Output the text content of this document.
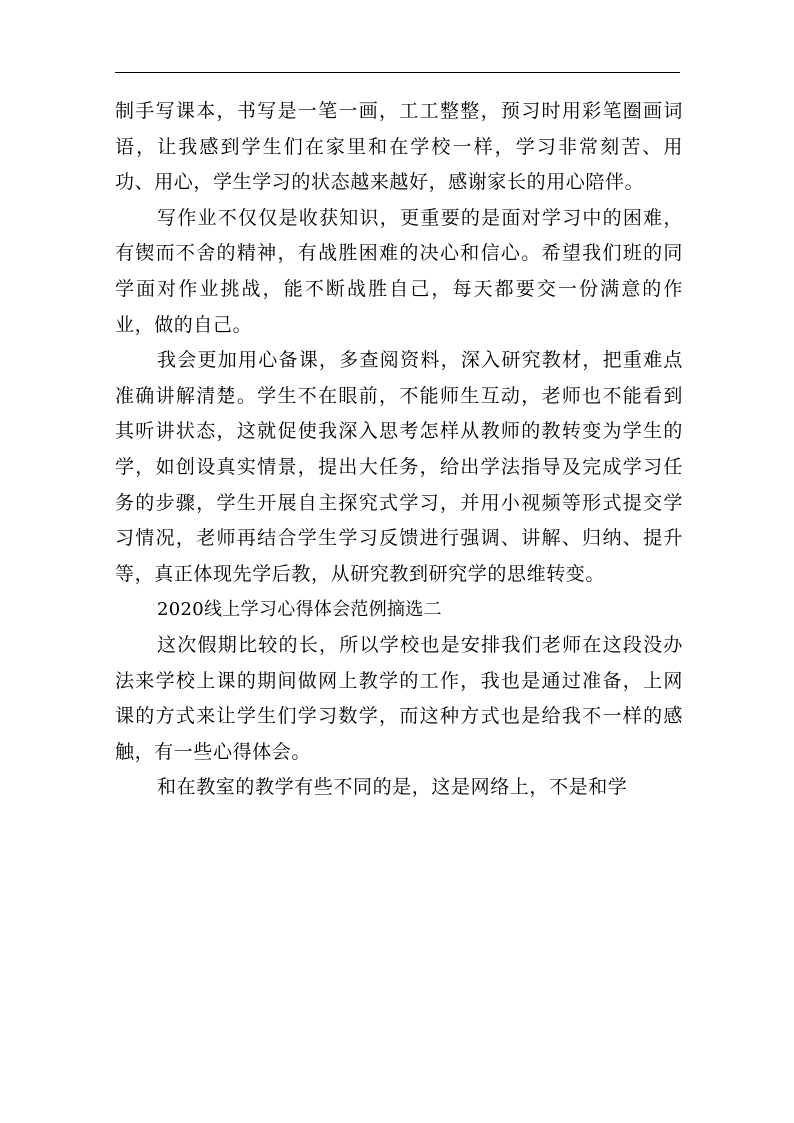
制手写课本，书写是一笔一画，工工整整，预习时用彩笔圈画词语，让我感到学生们在家里和在学校一样，学习非常刻苦、用功、用心，学生学习的状态越来越好，感谢家长的用心陪伴。

写作业不仅仅是收获知识，更重要的是面对学习中的困难，有锲而不舍的精神，有战胜困难的决心和信心。希望我们班的同学面对作业挑战，能不断战胜自己，每天都要交一份满意的作业，做的自己。

我会更加用心备课，多查阅资料，深入研究教材，把重难点准确讲解清楚。学生不在眼前，不能师生互动，老师也不能看到其听讲状态，这就促使我深入思考怎样从教师的教转变为学生的学，如创设真实情景，提出大任务，给出学法指导及完成学习任务的步骤，学生开展自主探究式学习，并用小视频等形式提交学习情况，老师再结合学生学习反馈进行强调、讲解、归纳、提升等，真正体现先学后教，从研究教到研究学的思维转变。

2020线上学习心得体会范例摘选二

这次假期比较的长，所以学校也是安排我们老师在这段没办法来学校上课的期间做网上教学的工作，我也是通过准备，上网课的方式来让学生们学习数学，而这种方式也是给我不一样的感触，有一些心得体会。

和在教室的教学有些不同的是，这是网络上，不是和学
